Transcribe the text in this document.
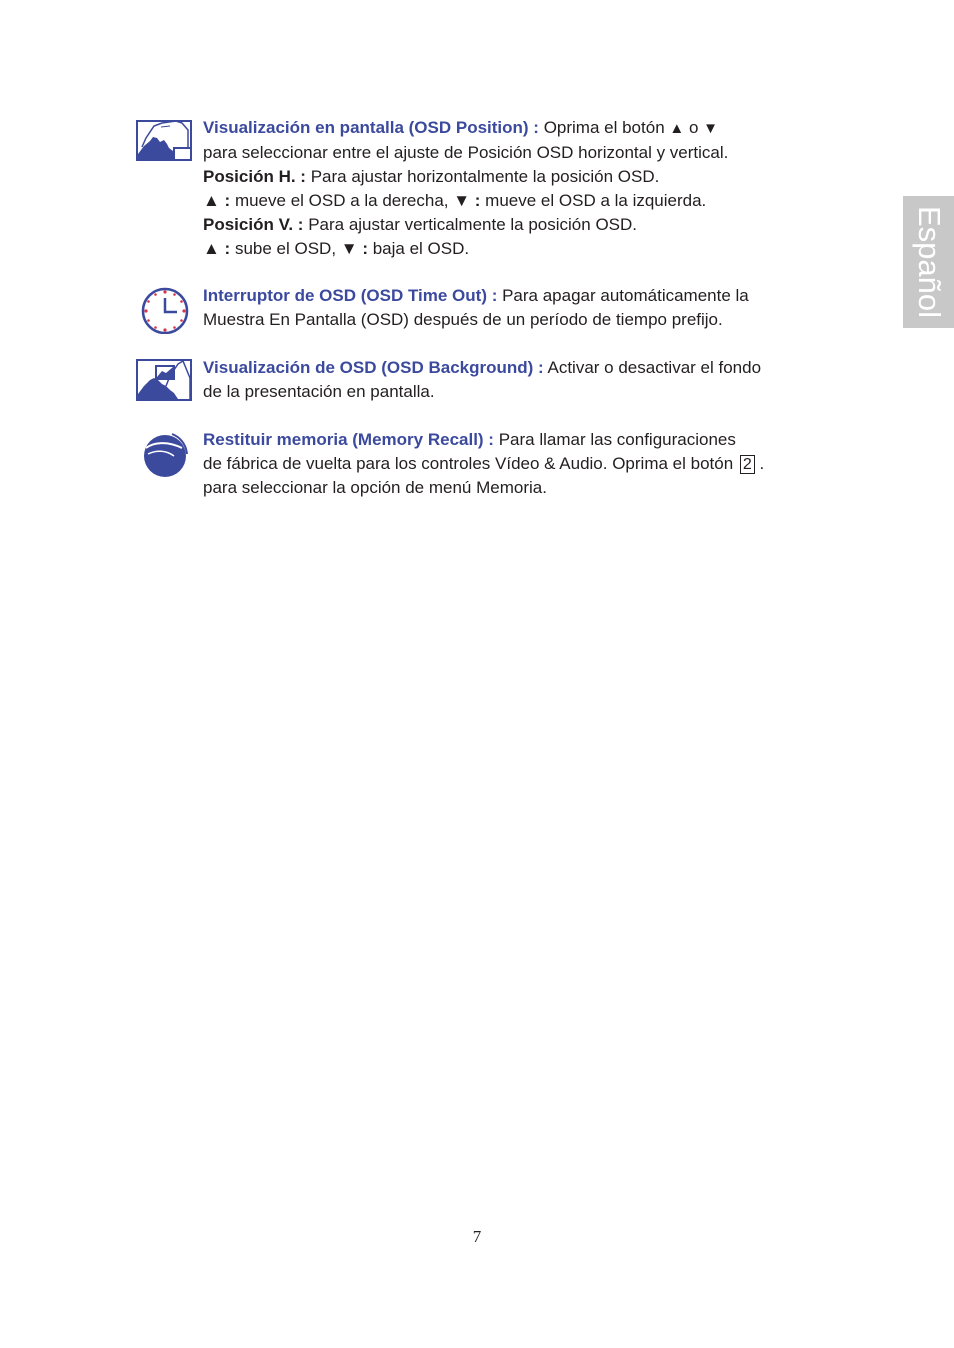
Español
Visualización en pantalla (OSD Position) : Oprima el botón ▲ o ▼
para seleccionar entre el ajuste de Posición OSD horizontal y vertical.
Posición H. : Para ajustar horizontalmente la posición OSD.
▲ : mueve el OSD a la derecha, ▼ : mueve el OSD a la izquierda.
Posición V. : Para ajustar verticalmente la posición OSD.
▲ : sube el OSD, ▼ : baja el OSD.
Interruptor de OSD (OSD Time Out) : Para apagar automáticamente la
Muestra En Pantalla (OSD) después de un período de tiempo prefijo.
Visualización de OSD (OSD Background) : Activar o desactivar el fondo
de la presentación en pantalla.
Restituir memoria (Memory Recall) : Para llamar las configuraciones
de fábrica de vuelta para los controles Vídeo & Audio. Oprima el botón 2 .
para seleccionar la opción de menú Memoria.
7
